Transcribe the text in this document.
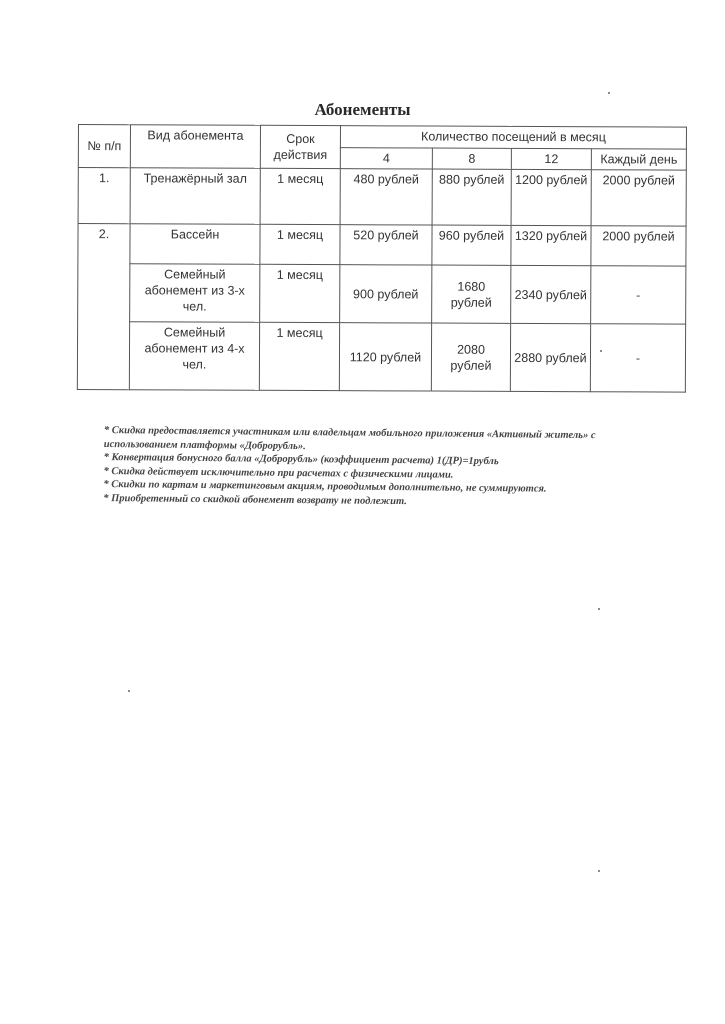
Абонементы
№ п/п	Вид абонемента	Срок действия	Количество посещений в месяц			
			4	8	12	Каждый день
1.	Тренажёрный зал	1 месяц	480 рублей	880 рублей	1200 рублей	2000 рублей
2.	Бассейн	1 месяц	520 рублей	960 рублей	1320 рублей	2000 рублей
	Семейный абонемент из 3-х чел.	1 месяц	900 рублей	1680 рублей	2340 рублей	-
	Семейный абонемент из 4-х чел.	1 месяц	1120 рублей	2080 рублей	2880 рублей	-

* Скидка предоставляется участникам или владельцам мобильного приложения «Активный житель» с использованием платформы «Доброрубль».

* Конвертация бонусного балла «Доброрубль» (коэффициент расчета) 1(ДР)=1рубль

* Скидка действует исключительно при расчетах с физическими лицами.

* Скидки по картам и маркетинговым акциям, проводимым дополнительно, не суммируются.

* Приобретенный со скидкой абонемент возврату не подлежит.
